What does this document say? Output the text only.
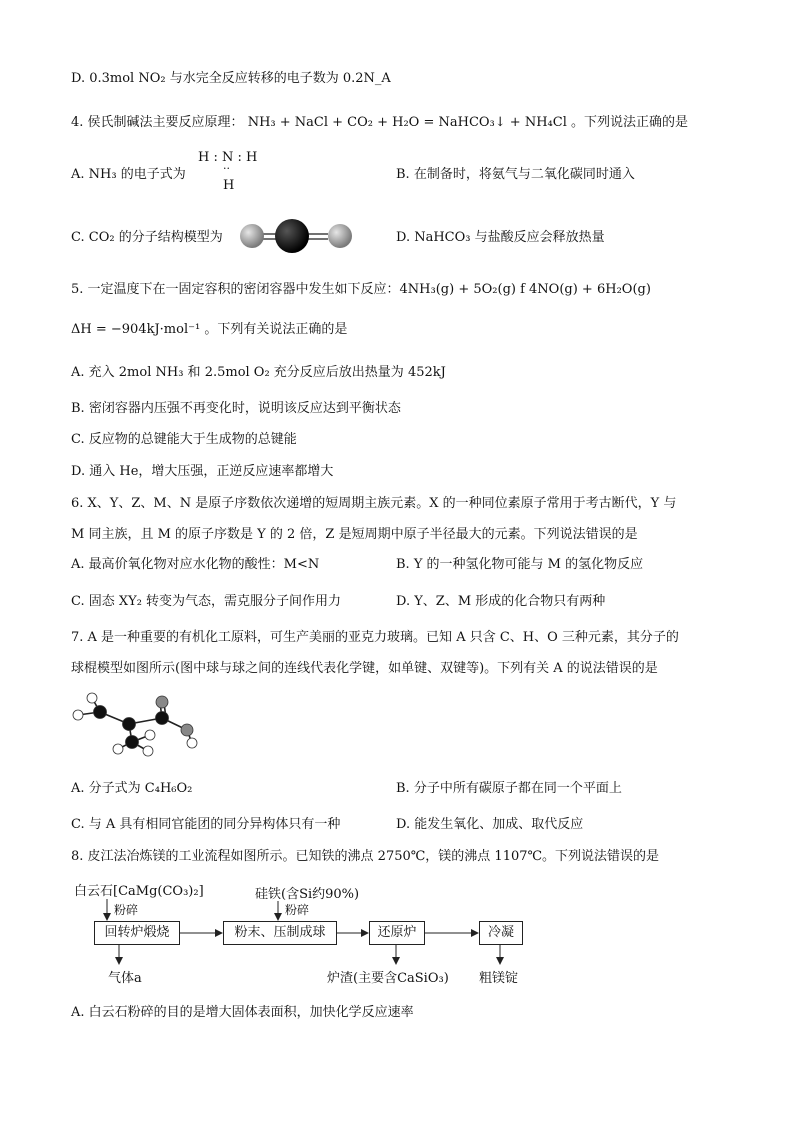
D. 0.3mol NO₂ 与水完全反应转移的电子数为 0.2N_A
4. 侯氏制碱法主要反应原理： NH₃ + NaCl + CO₂ + H₂O = NaHCO₃↓ + NH₄Cl 。下列说法正确的是
A. NH₃ 的电子式为
H : N : H
··
H
B. 在制备时，将氨气与二氧化碳同时通入
C. CO₂ 的分子结构模型为	D. NaHCO₃ 与盐酸反应会释放热量
5. 一定温度下在一固定容积的密闭容器中发生如下反应：4NH₃(g) + 5O₂(g) f 4NO(g) + 6H₂O(g)
ΔH = −904kJ·mol⁻¹ 。下列有关说法正确的是
A. 充入 2mol NH₃ 和 2.5mol O₂ 充分反应后放出热量为 452kJ
B. 密闭容器内压强不再变化时，说明该反应达到平衡状态
C. 反应物的总键能大于生成物的总键能
D. 通入 He，增大压强，正逆反应速率都增大
6. X、Y、Z、M、N 是原子序数依次递增的短周期主族元素。X 的一种同位素原子常用于考古断代，Y 与
M 同主族，且 M 的原子序数是 Y 的 2 倍，Z 是短周期中原子半径最大的元素。下列说法错误的是
A. 最高价氧化物对应水化物的酸性：M<N	B. Y 的一种氢化物可能与 M 的氢化物反应
C. 固态 XY₂ 转变为气态，需克服分子间作用力	D. Y、Z、M 形成的化合物只有两种
7. A 是一种重要的有机化工原料，可生产美丽的亚克力玻璃。已知 A 只含 C、H、O 三种元素，其分子的
球棍模型如图所示(图中球与球之间的连线代表化学键，如单键、双键等)。下列有关 A 的说法错误的是
A. 分子式为 C₄H₆O₂	B. 分子中所有碳原子都在同一个平面上
C. 与 A 具有相同官能团的同分异构体只有一种	D. 能发生氧化、加成、取代反应
8. 皮江法冶炼镁的工业流程如图所示。已知铁的沸点 2750℃，镁的沸点 1107℃。下列说法错误的是
白云石[CaMg(CO₃)₂]
粉碎
硅铁(含Si约90%)
粉碎
回转炉煅烧	粉末、压制成球	还原炉	冷凝
气体a	炉渣(主要含CaSiO₃) 粗镁锭
A. 白云石粉碎的目的是增大固体表面积，加快化学反应速率
